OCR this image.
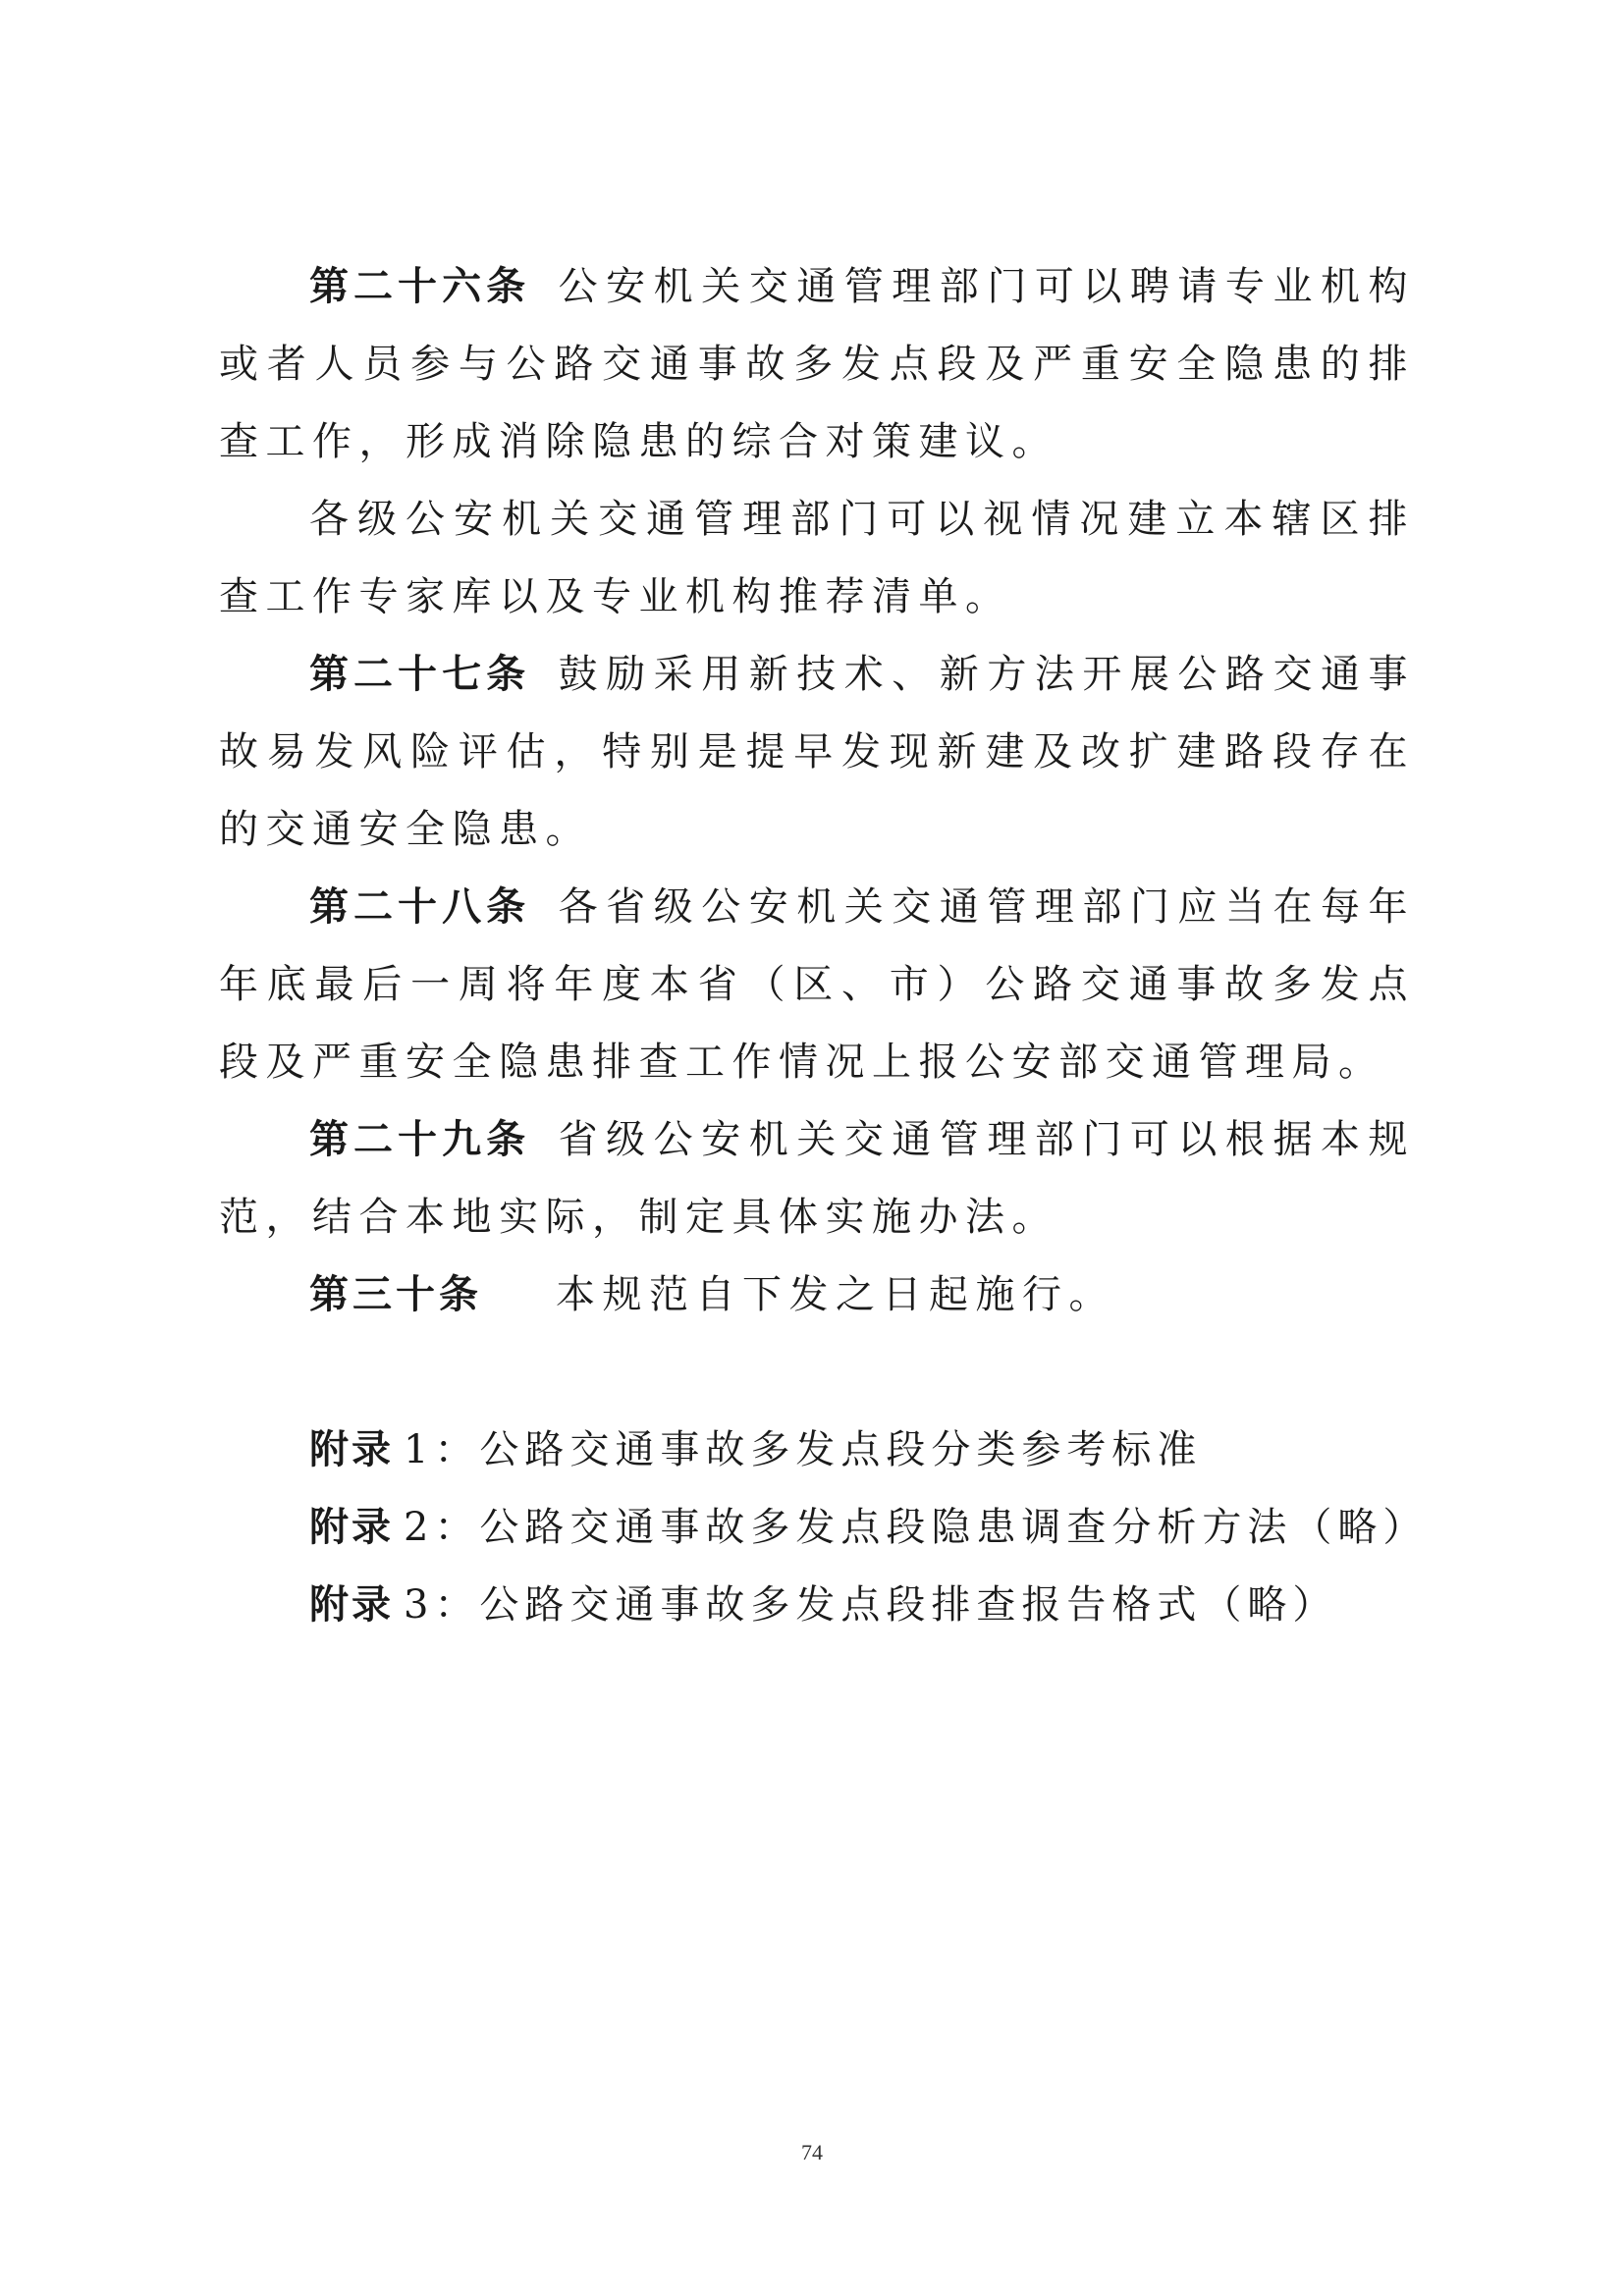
第二十六条  公安机关交通管理部门可以聘请专业机构或者人员参与公路交通事故多发点段及严重安全隐患的排查工作，形成消除隐患的综合对策建议。

各级公安机关交通管理部门可以视情况建立本辖区排查工作专家库以及专业机构推荐清单。

第二十七条  鼓励采用新技术、新方法开展公路交通事故易发风险评估，特别是提早发现新建及改扩建路段存在的交通安全隐患。

第二十八条  各省级公安机关交通管理部门应当在每年年底最后一周将年度本省（区、市）公路交通事故多发点段及严重安全隐患排查工作情况上报公安部交通管理局。

第二十九条  省级公安机关交通管理部门可以根据本规范，结合本地实际，制定具体实施办法。

第三十条   本规范自下发之日起施行。

附录  1：公路交通事故多发点段分类参考标准

附录  2：公路交通事故多发点段隐患调查分析方法（略）

附录  3：公路交通事故多发点段排查报告格式（略）

74
